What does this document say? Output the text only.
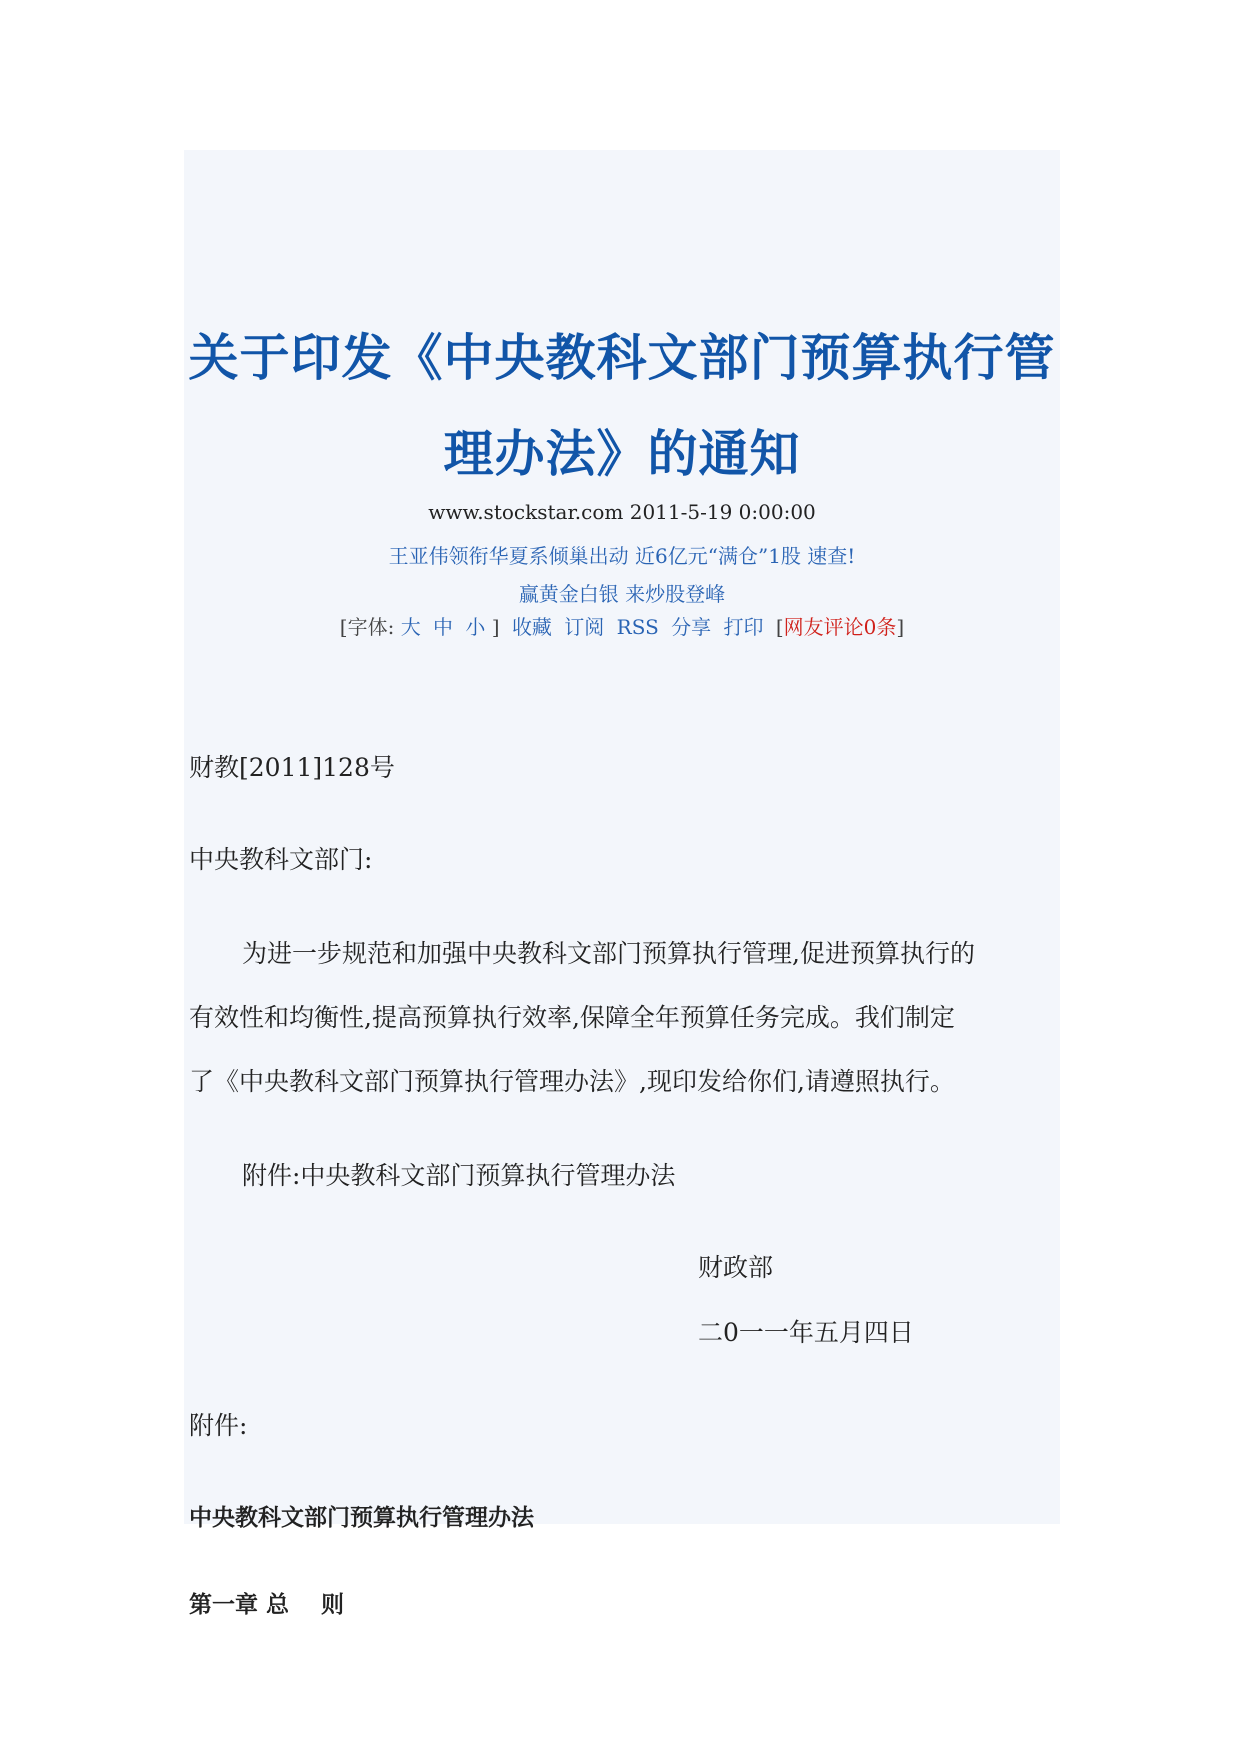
关于印发《中央教科文部门预算执行管
理办法》的通知
www.stockstar.com 2011-5-19 0:00:00
王亚伟领衔华夏系倾巢出动 近6亿元“满仓”1股 速查!
赢黄金白银 来炒股登峰
[字体: 大 中 小 ] 收藏 订阅 RSS 分享 打印 [网友评论0条]
财教[2011]128号
中央教科文部门:
为进一步规范和加强中央教科文部门预算执行管理,促进预算执行的
有效性和均衡性,提高预算执行效率,保障全年预算任务完成。我们制定
了《中央教科文部门预算执行管理办法》,现印发给你们,请遵照执行。
附件:中央教科文部门预算执行管理办法
财政部
二0一一年五月四日
附件:
中央教科文部门预算执行管理办法
第一章 总    则
